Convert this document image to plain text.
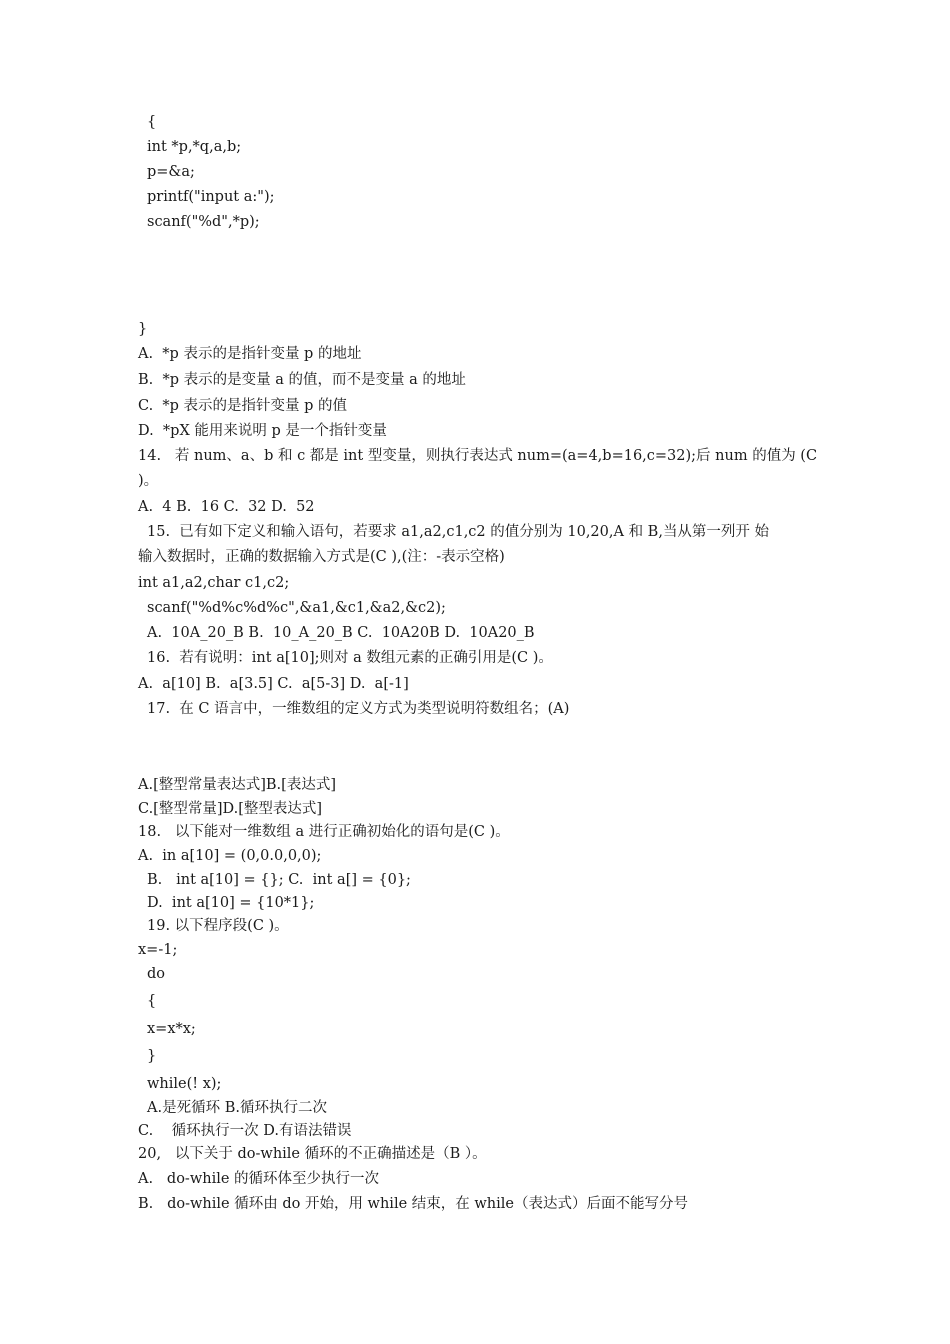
{
int *p,*q,a,b;
p=&a;
printf("input a:");
scanf("%d",*p);
}
A.  *p 表示的是指针变量 p 的地址
B.  *p 表示的是变量 a 的值，而不是变量 a 的地址
C.  *p 表示的是指针变量 p 的值
D.  *pX 能用来说明 p 是一个指针变量
14.   若 num、a、b 和 c 都是 int 型变量，则执行表达式 num=(a=4,b=16,c=32);后 num 的值为 (C
)。
A.  4 B.  16 C.  32 D.  52
15.  已有如下定义和输入语句，若要求 a1,a2,c1,c2 的值分别为 10,20,A 和 B,当从第一列开 始
输入数据时，正确的数据输入方式是(C ),(注：-表示空格)
int a1,a2,char c1,c2;
scanf("%d%c%d%c",&a1,&c1,&a2,&c2);
A.  10A_20_B B.  10_A_20_B C.  10A20B D.  10A20_B
16.  若有说明：int a[10];则对 a 数组元素的正确引用是(C )。
A.  a[10] B.  a[3.5] C.  a[5-3] D.  a[-1]
17.  在 C 语言中，一维数组的定义方式为类型说明符数组名；(A)
A.[整型常量表达式]B.[表达式]
C.[整型常量]D.[整型表达式]
18.   以下能对一维数组 a 进行正确初始化的语句是(C )。
A.  in a[10] = (0,0.0,0,0);
B.   int a[10] = {}; C.  int a[] = {0};
D.  int a[10] = {10*1};
19. 以下程序段(C )。
x=-1;
do
{
x=x*x;
}
while(! x);
A.是死循环 B.循环执行二次
C.    循环执行一次 D.有语法错误
20,   以下关于 do-while 循环的不正确描述是（B ）。
A.   do-while 的循环体至少执行一次
B.   do-while 循环由 do 开始，用 while 结束，在 while（表达式）后面不能写分号
